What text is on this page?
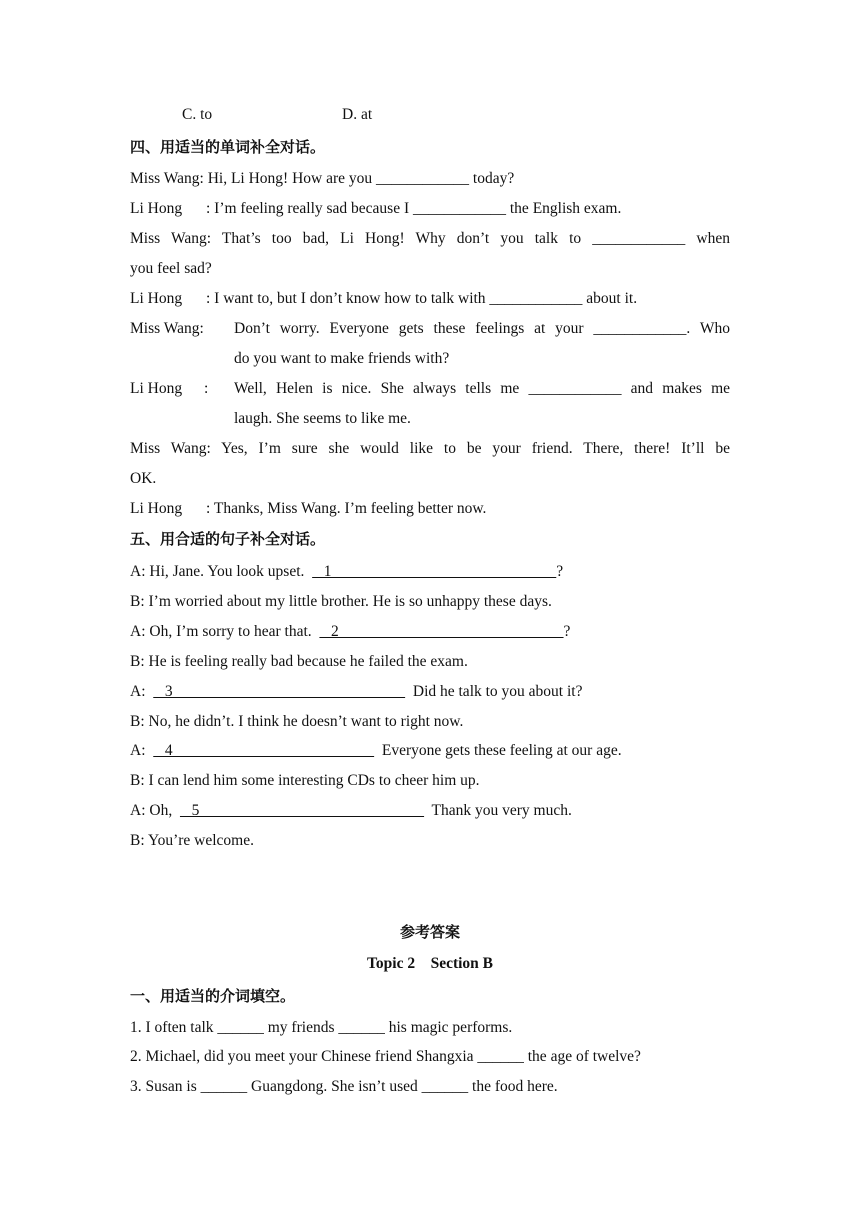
C. to	D. at
四、用适当的单词补全对话。
Miss Wang: Hi, Li Hong! How are you ____________ today?
Li Hong : I’m feeling really sad because I ____________ the English exam.
Miss Wang: That’s too bad, Li Hong! Why don’t you talk to ____________ when
you feel sad?
Li Hong : I want to, but I don’t know how to talk with ____________ about it.
Miss Wang:	Don’t worry. Everyone gets these feelings at your ____________. Who
do you want to make friends with?
Li Hong	:	Well, Helen is nice. She always tells me ____________ and makes me
laugh. She seems to like me.
Miss Wang: Yes, I’m sure she would like to be your friend. There, there! It’ll be
OK.
Li Hong : Thanks, Miss Wang. I’m feeling better now.
五、用合适的句子补全对话。
A: Hi, Jane. You look upset.     1                                                          ?
B: I’m worried about my little brother. He is so unhappy these days.
A: Oh, I’m sorry to hear that.     2                                                          ?
B: He is feeling really bad because he failed the exam.
A:     3                                                              Did he talk to you about it?
B: No, he didn’t. I think he doesn’t want to right now.
A:     4                                                      Everyone gets these feeling at our age.
B: I can lend him some interesting CDs to cheer him up.
A: Oh,     5                                                            Thank you very much.
B: You’re welcome.
参考答案
Topic 2    Section B
一、用适当的介词填空。
1. I often talk ______ my friends ______ his magic performs.
2. Michael, did you meet your Chinese friend Shangxia ______ the age of twelve?
3. Susan is ______ Guangdong. She isn’t used ______ the food here.
